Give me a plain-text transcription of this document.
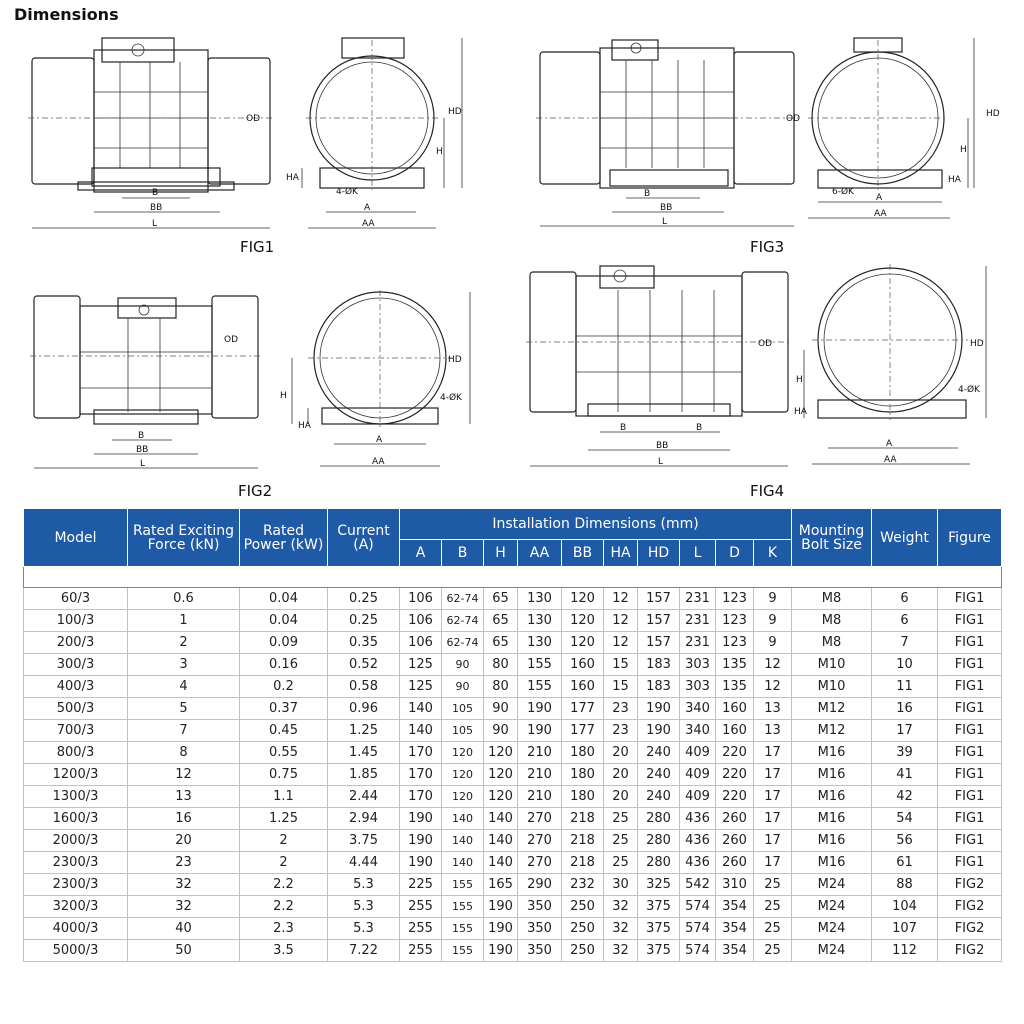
Dimensions
OD
B
BB
L
HD
H
HA
4-ØK
A
AA
FIG1
OD
B
BB
L
HD
H
HA
6-ØK
A
AA
FIG3
OD
B
BB
L
HD
H
HA
4-ØK
A
AA
FIG2
OD
B	B
BB
L
HD
H
HA
4-ØK
A
AA
FIG4
Model	Rated Exciting Force (kN)	Rated Power (kW)	Current (A)	Installation Dimensions (mm)										Mounting Bolt Size	Weight	Figure
				A	B	H	AA	BB	HA	HD	L	D	K			
3-Phase 2-Pole																
60/3	0.6	0.04	0.25	106	62-74	65	130	120	12	157	231	123	9	M8	6	FIG1
100/3	1	0.04	0.25	106	62-74	65	130	120	12	157	231	123	9	M8	6	FIG1
200/3	2	0.09	0.35	106	62-74	65	130	120	12	157	231	123	9	M8	7	FIG1
300/3	3	0.16	0.52	125	90	80	155	160	15	183	303	135	12	M10	10	FIG1
400/3	4	0.2	0.58	125	90	80	155	160	15	183	303	135	12	M10	11	FIG1
500/3	5	0.37	0.96	140	105	90	190	177	23	190	340	160	13	M12	16	FIG1
700/3	7	0.45	1.25	140	105	90	190	177	23	190	340	160	13	M12	17	FIG1
800/3	8	0.55	1.45	170	120	120	210	180	20	240	409	220	17	M16	39	FIG1
1200/3	12	0.75	1.85	170	120	120	210	180	20	240	409	220	17	M16	41	FIG1
1300/3	13	1.1	2.44	170	120	120	210	180	20	240	409	220	17	M16	42	FIG1
1600/3	16	1.25	2.94	190	140	140	270	218	25	280	436	260	17	M16	54	FIG1
2000/3	20	2	3.75	190	140	140	270	218	25	280	436	260	17	M16	56	FIG1
2300/3	23	2	4.44	190	140	140	270	218	25	280	436	260	17	M16	61	FIG1
2300/3	32	2.2	5.3	225	155	165	290	232	30	325	542	310	25	M24	88	FIG2
3200/3	32	2.2	5.3	255	155	190	350	250	32	375	574	354	25	M24	104	FIG2
4000/3	40	2.3	5.3	255	155	190	350	250	32	375	574	354	25	M24	107	FIG2
5000/3	50	3.5	7.22	255	155	190	350	250	32	375	574	354	25	M24	112	FIG2
